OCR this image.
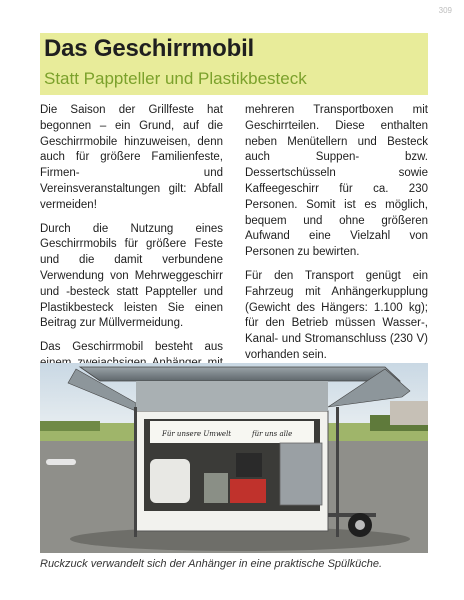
309
Das Geschirrmobil
Statt Pappteller und Plastikbesteck

Die Saison der Grillfeste hat begonnen – ein Grund, auf die Geschirrmobile hinzuweisen, denn auch für größere Familienfeste, Firmen- und Vereinsveranstaltungen gilt: Abfall vermeiden!

Durch die Nutzung eines Geschirrmobils für größere Feste und die damit verbundene Verwendung von Mehrweggeschirr und -besteck statt Pappteller und Plastikbesteck leisten Sie einen Beitrag zur Müllvermeidung.

Das Geschirrmobil besteht aus

mehreren Transportboxen mit Geschirrteilen. Diese enthalten neben Menütellern und Besteck auch Suppen- bzw. Dessertschüsseln sowie Kaffeegeschirr für ca. 230 Personen. Somit ist es möglich, bequem und ohne größeren Aufwand eine Vielzahl von Personen zu bewirten.

Für den Transport genügt ein Fahrzeug mit Anhängerkupplung (Gewicht des Hängers: 1.100 kg); für den Betrieb müssen Wasser-, Kanal- und Stromanschluss (230 V) vorhanden sein.

Für unsere Umwelt	für uns alle
Ruckzuck verwandelt sich der Anhänger in eine praktische Spülküche.
